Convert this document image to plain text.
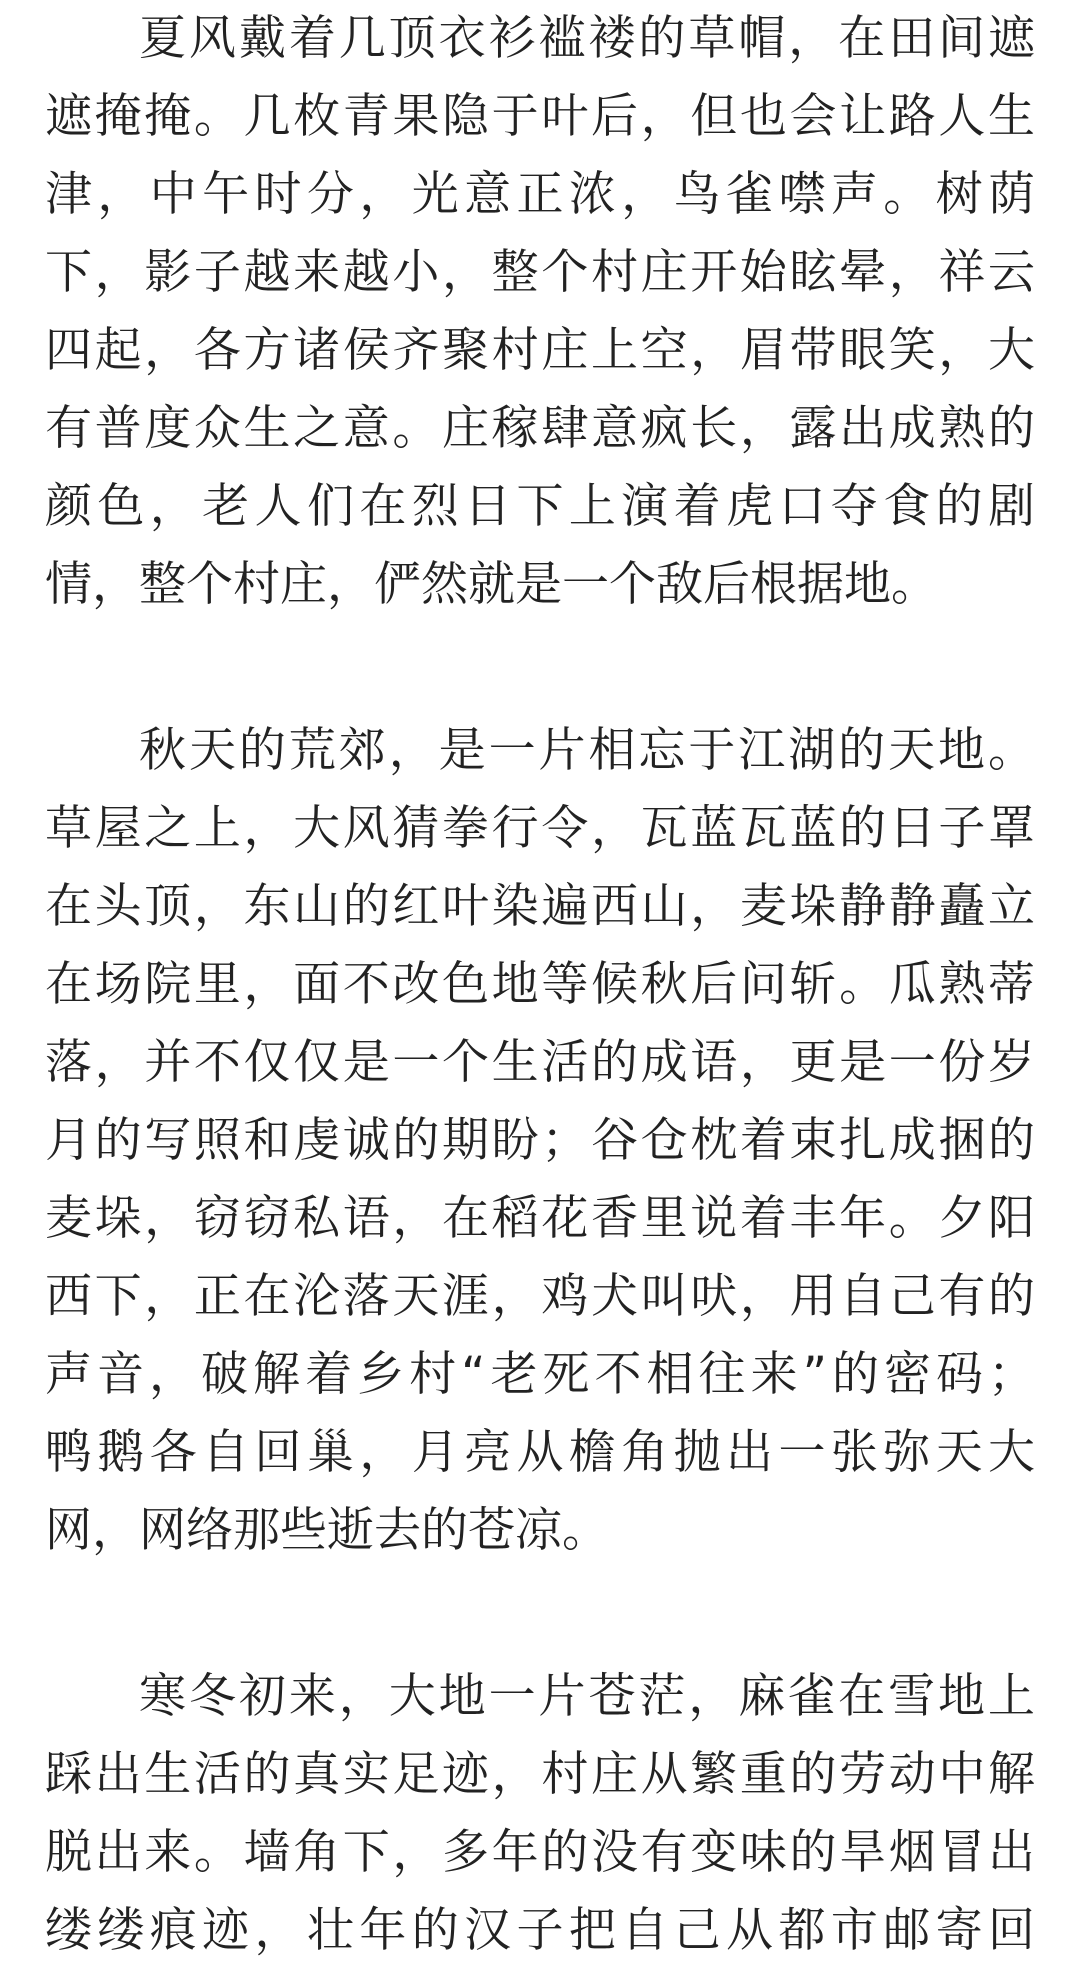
夏风戴着几顶衣衫褴褛的草帽，在田间遮
遮掩掩。几枚青果隐于叶后，但也会让路人生
津，中午时分，光意正浓，鸟雀噤声。树荫
下，影子越来越小，整个村庄开始眩晕，祥云
四起，各方诸侯齐聚村庄上空，眉带眼笑，大
有普度众生之意。庄稼肆意疯长，露出成熟的
颜色，老人们在烈日下上演着虎口夺食的剧
情，整个村庄，俨然就是一个敌后根据地。
秋天的荒郊，是一片相忘于江湖的天地。
草屋之上，大风猜拳行令，瓦蓝瓦蓝的日子罩
在头顶，东山的红叶染遍西山，麦垛静静矗立
在场院里，面不改色地等候秋后问斩。瓜熟蒂
落，并不仅仅是一个生活的成语，更是一份岁
月的写照和虔诚的期盼；谷仓枕着束扎成捆的
麦垛，窃窃私语，在稻花香里说着丰年。夕阳
西下，正在沦落天涯，鸡犬叫吠，用自己有的
声音，破解着乡村“老死不相往来”的密码；
鸭鹅各自回巢，月亮从檐角抛出一张弥天大
网，网络那些逝去的苍凉。
寒冬初来，大地一片苍茫，麻雀在雪地上
踩出生活的真实足迹，村庄从繁重的劳动中解
脱出来。墙角下，多年的没有变味的旱烟冒出
缕缕痕迹，壮年的汉子把自己从都市邮寄回
